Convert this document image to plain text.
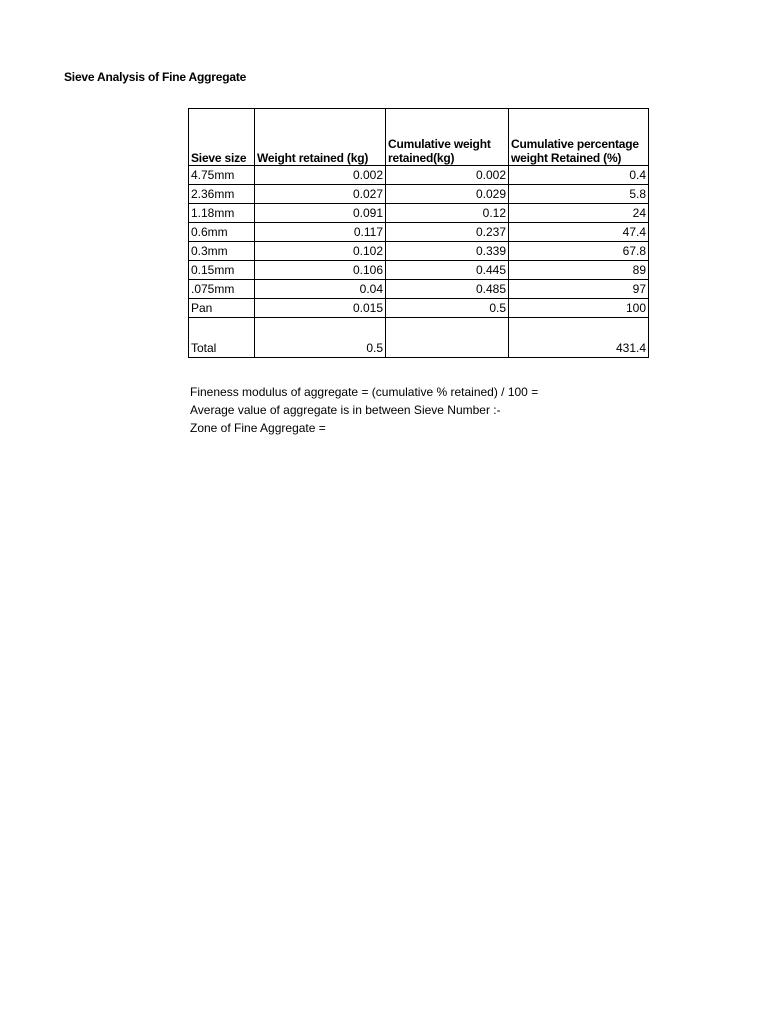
Sieve Analysis of Fine Aggregate
Sieve size	Weight retained (kg)	Cumulative weight retained(kg)	Cumulative percentage weight Retained (%)
4.75mm	0.002	0.002	0.4
2.36mm	0.027	0.029	5.8
1.18mm	0.091	0.12	24
0.6mm	0.117	0.237	47.4
0.3mm	0.102	0.339	67.8
0.15mm	0.106	0.445	89
.075mm	0.04	0.485	97
Pan	0.015	0.5	100
Total	0.5		431.4
Fineness modulus of aggregate = (cumulative % retained) / 100 =
Average value of aggregate is in between Sieve Number :-
Zone of Fine Aggregate =
